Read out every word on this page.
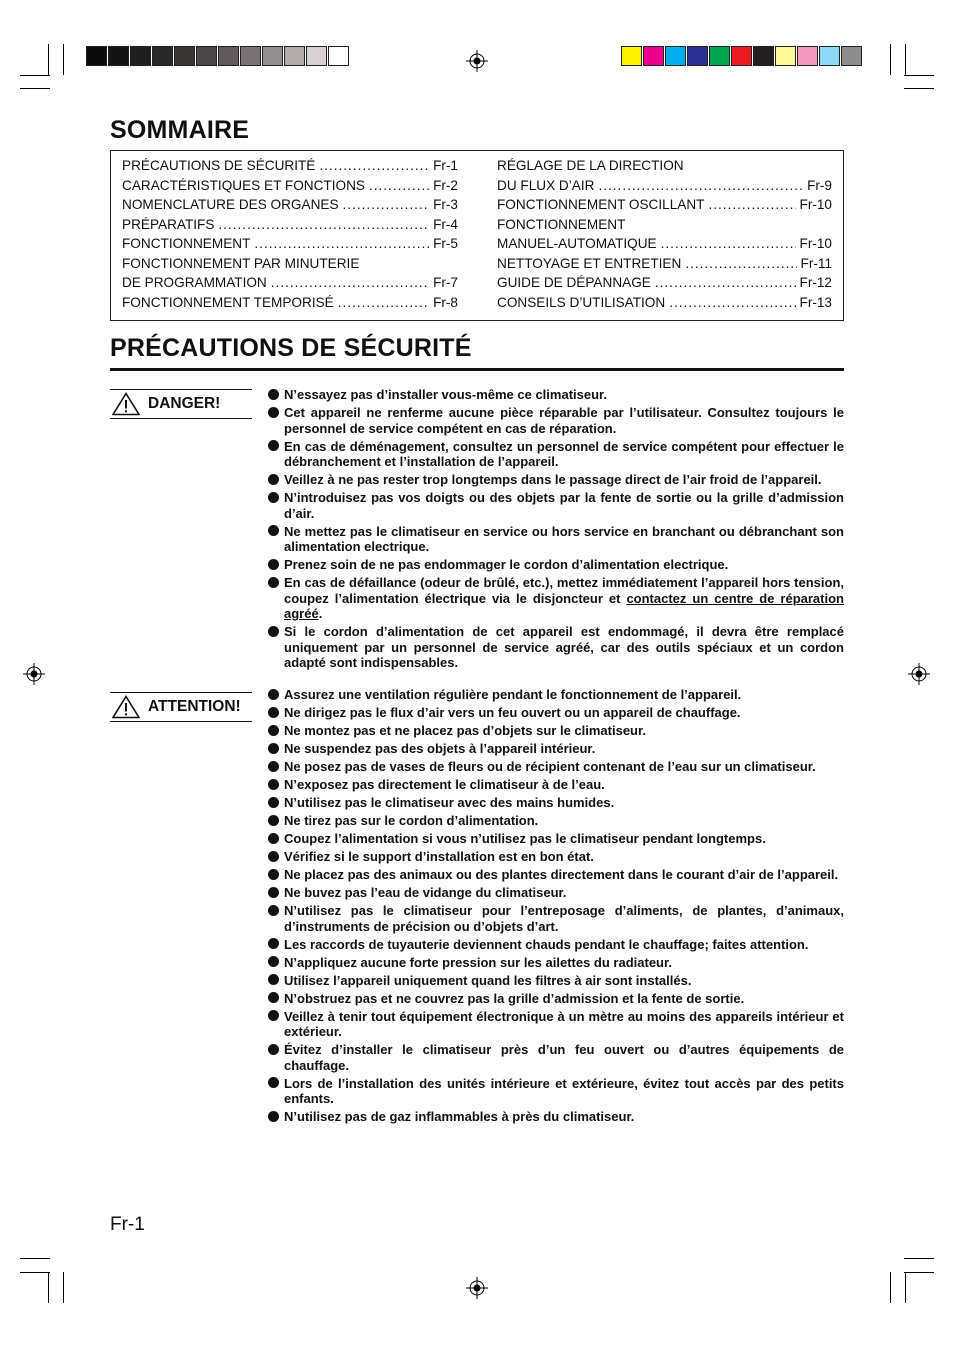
SOMMAIRE
PRÉCAUTIONS DE SÉCURITÉ .....	Fr-1
CARACTÉRISTIQUES ET FONCTIONS .....	Fr-2
NOMENCLATURE DES ORGANES .....	Fr-3
PRÉPARATIFS .....	Fr-4
FONCTIONNEMENT .....	Fr-5
FONCTIONNEMENT PAR MINUTERIE
DE PROGRAMMATION .....	Fr-7
FONCTIONNEMENT TEMPORISÉ .....	Fr-8
RÉGLAGE DE LA DIRECTION
DU FLUX D’AIR .....	Fr-9
FONCTIONNEMENT OSCILLANT .....	Fr-10
FONCTIONNEMENT
MANUEL-AUTOMATIQUE .....	Fr-10
NETTOYAGE ET ENTRETIEN .....	Fr-11
GUIDE DE DÉPANNAGE .....	Fr-12
CONSEILS D’UTILISATION .....	Fr-13
PRÉCAUTIONS DE SÉCURITÉ
DANGER!
N’essayez pas d’installer vous-même ce climatiseur.
Cet appareil ne renferme aucune pièce réparable par l’utilisateur. Consultez toujours le personnel de service compétent en cas de réparation.
En cas de déménagement, consultez un personnel de service compétent pour effectuer le débranchement et l’installation de l’appareil.
Veillez à ne pas rester trop longtemps dans le passage direct de l’air froid de l’appareil.
N’introduisez pas vos doigts ou des objets par la fente de sortie ou la grille d’admission d’air.
Ne mettez pas le climatiseur en service ou hors service en branchant ou débranchant son alimentation electrique.
Prenez soin de ne pas endommager le cordon d’alimentation electrique.
En cas de défaillance (odeur de brûlé, etc.), mettez immédiatement l’appareil hors tension, coupez l’alimentation électrique via le disjoncteur et contactez un centre de réparation agréé.
Si le cordon d’alimentation de cet appareil est endommagé, il devra être remplacé uniquement par un personnel de service agréé, car des outils spéciaux et un cordon adapté sont indispensables.
ATTENTION!
Assurez une ventilation régulière pendant le fonctionnement de l’appareil.
Ne dirigez pas le flux d’air vers un feu ouvert ou un appareil de chauffage.
Ne montez pas et ne placez pas d’objets sur le climatiseur.
Ne suspendez pas des objets à l’appareil intérieur.
Ne posez pas de vases de fleurs ou de récipient contenant de l’eau sur un climatiseur.
N’exposez pas directement le climatiseur à de l’eau.
N’utilisez pas le climatiseur avec des mains humides.
Ne tirez pas sur le cordon d’alimentation.
Coupez l’alimentation si vous n’utilisez pas le climatiseur pendant longtemps.
Vérifiez si le support d’installation est en bon état.
Ne placez pas des animaux ou des plantes directement dans le courant d’air de l’appareil.
Ne buvez pas l’eau de vidange du climatiseur.
N’utilisez pas le climatiseur pour l’entreposage d’aliments, de plantes, d’animaux, d’instruments de précision ou d’objets d’art.
Les raccords de tuyauterie deviennent chauds pendant le chauffage; faites attention.
N’appliquez aucune forte pression sur les ailettes du radiateur.
Utilisez l’appareil uniquement quand les filtres à air sont installés.
N’obstruez pas et ne couvrez pas la grille d’admission et la fente de sortie.
Veillez à tenir tout équipement électronique à un mètre au moins des appareils intérieur et extérieur.
Évitez d’installer le climatiseur près d’un feu ouvert ou d’autres équipements de chauffage.
Lors de l’installation des unités intérieure et extérieure, évitez tout accès par des petits enfants.
N’utilisez pas de gaz inflammables à près du climatiseur.
Fr-1
